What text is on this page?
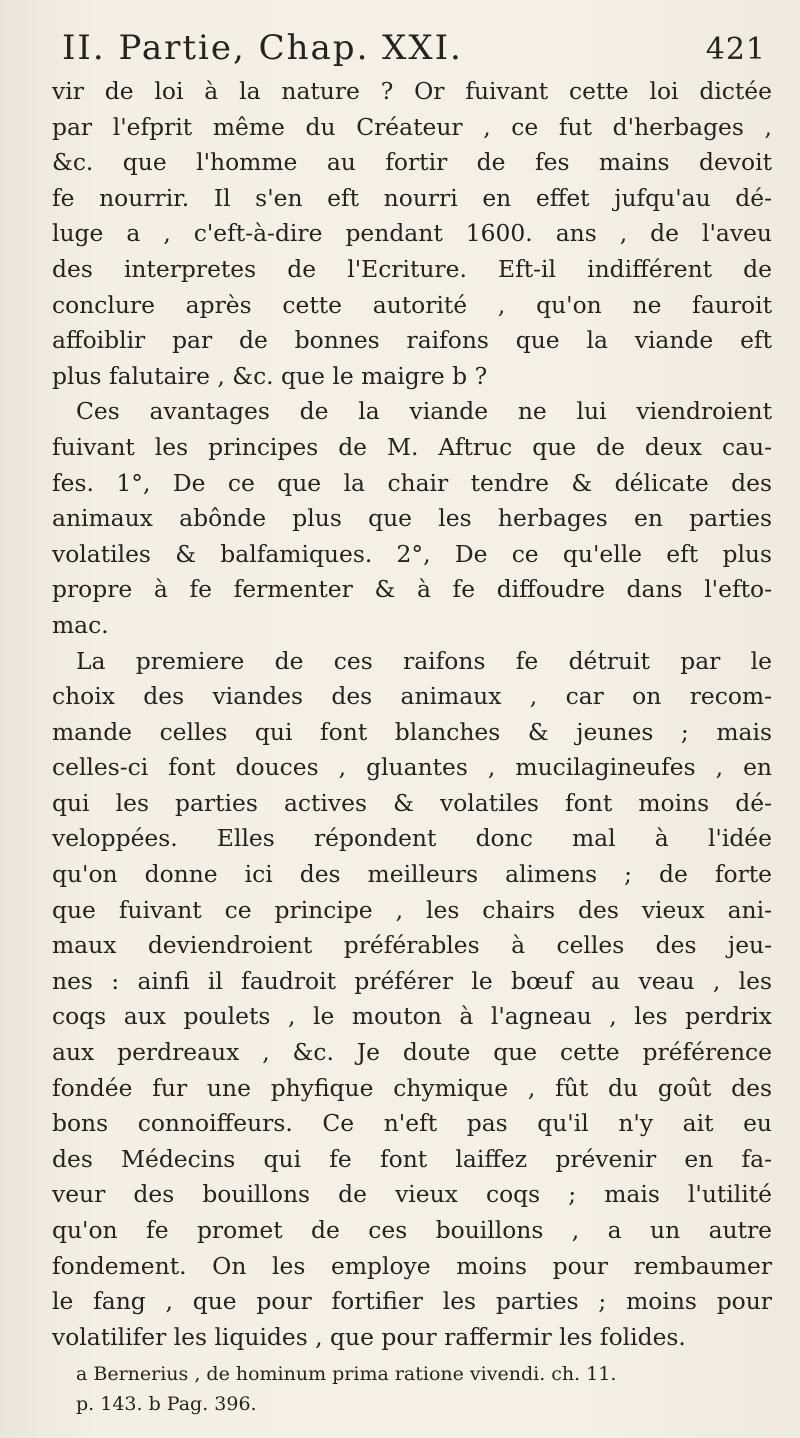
II. Partie, Chap. XXI.	421
vir de loi à la nature ? Or fuivant cette loi dictée
par l'efprit même du Créateur , ce fut d'herbages ,
&c. que l'homme au fortir de fes mains devoit
fe nourrir. Il s'en eft nourri en effet jufqu'au dé-
luge a , c'eft-à-dire pendant 1600. ans , de l'aveu
des interpretes de l'Ecriture. Eft-il indifférent de
conclure après cette autorité , qu'on ne fauroit
affoiblir par de bonnes raifons que la viande eft
plus falutaire , &c. que le maigre b ?
Ces avantages de la viande ne lui viendroient
fuivant les principes de M. Aftruc que de deux cau-
fes. 1°, De ce que la chair tendre & délicate des
animaux abônde plus que les herbages en parties
volatiles & balfamiques. 2°, De ce qu'elle eft plus
propre à fe fermenter & à fe diffoudre dans l'efto-
mac.
La premiere de ces raifons fe détruit par le
choix des viandes des animaux , car on recom-
mande celles qui font blanches & jeunes ; mais
celles-ci font douces , gluantes , mucilagineufes , en
qui les parties actives & volatiles font moins dé-
veloppées. Elles répondent donc mal à l'idée
qu'on donne ici des meilleurs alimens ; de forte
que fuivant ce principe , les chairs des vieux ani-
maux deviendroient préférables à celles des jeu-
nes : ainfi il faudroit préférer le bœuf au veau , les
coqs aux poulets , le mouton à l'agneau , les perdrix
aux perdreaux , &c. Je doute que cette préférence
fondée fur une phyfique chymique , fût du goût des
bons connoiffeurs. Ce n'eft pas qu'il n'y ait eu
des Médecins qui fe font laiffez prévenir en fa-
veur des bouillons de vieux coqs ; mais l'utilité
qu'on fe promet de ces bouillons , a un autre
fondement. On les employe moins pour rembaumer
le fang , que pour fortifier les parties ; moins pour
volatilifer les liquides , que pour raffermir les folides.
a Bernerius , de hominum prima ratione vivendi. ch. 11.
p. 143. b Pag. 396.
